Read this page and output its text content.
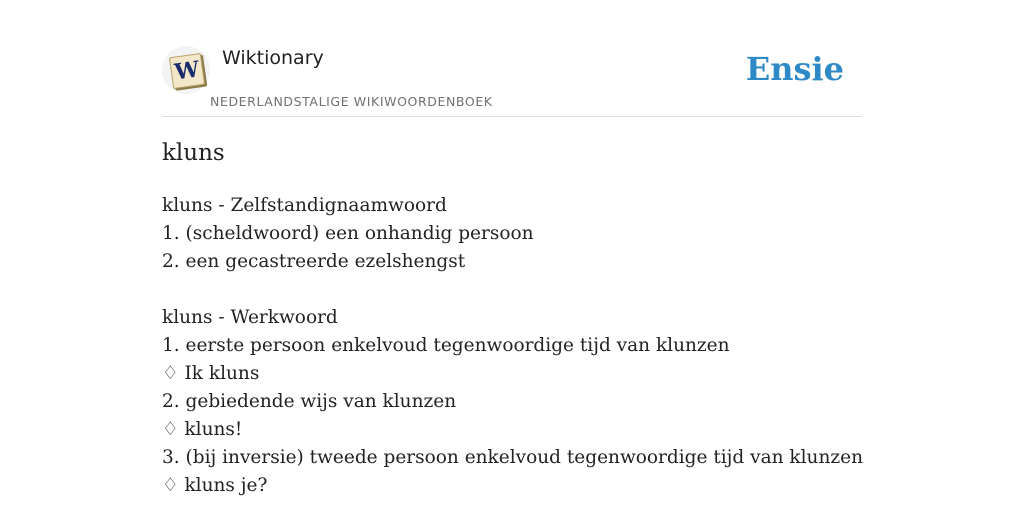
W Wiktionary
NEDERLANDSTALIGE WIKIWOORDENBOEK
Ensie
kluns
kluns - Zelfstandignaamwoord
1. (scheldwoord) een onhandig persoon
2. een gecastreerde ezelshengst
kluns - Werkwoord
1. eerste persoon enkelvoud tegenwoordige tijd van klunzen
♢ Ik kluns
2. gebiedende wijs van klunzen
♢ kluns!
3. (bij inversie) tweede persoon enkelvoud tegenwoordige tijd van klunzen
♢ kluns je?
